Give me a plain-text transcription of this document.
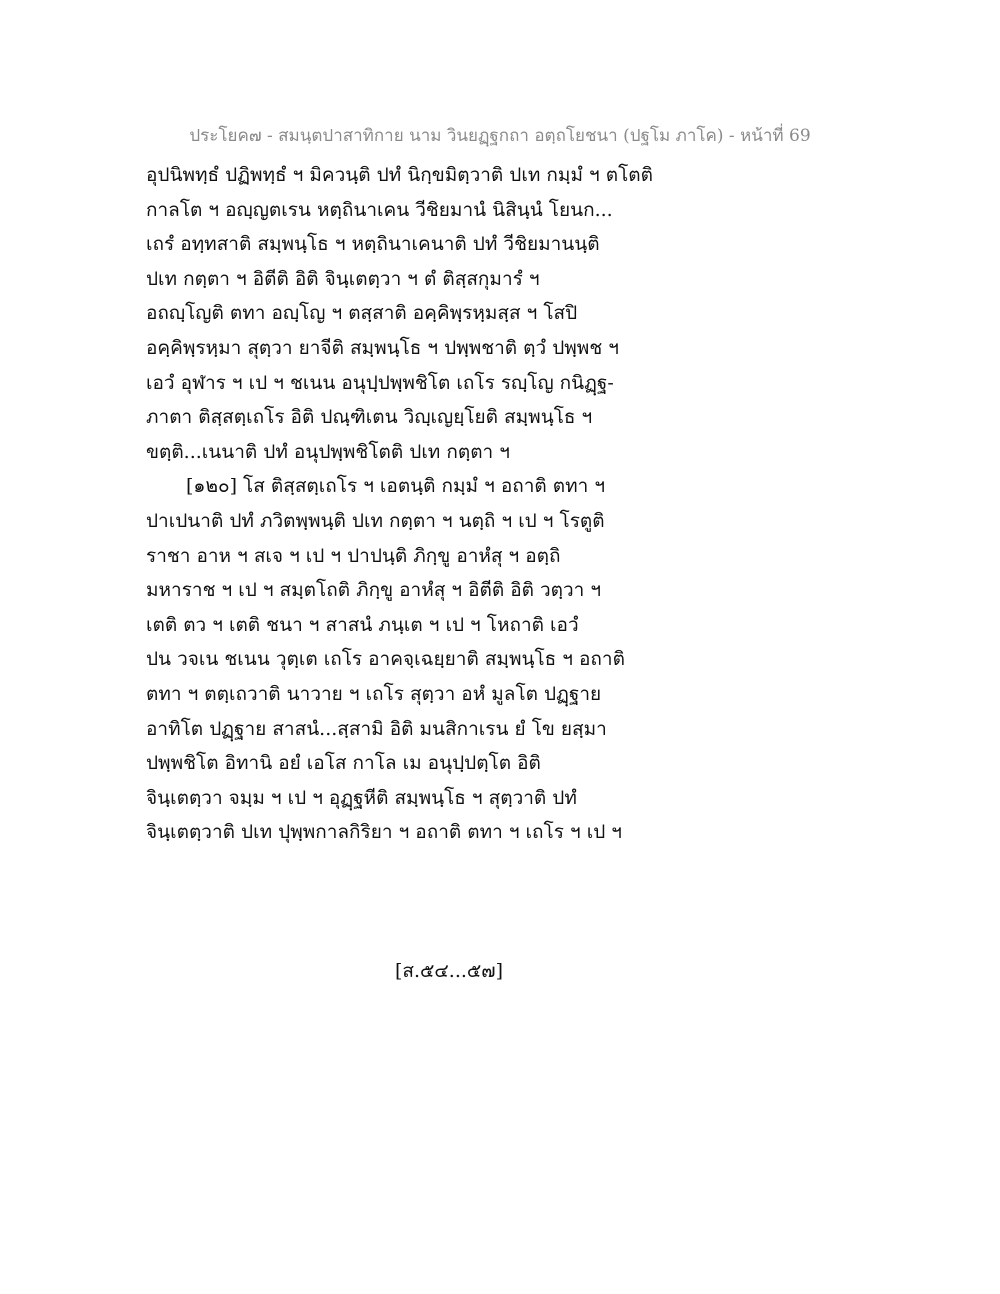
ประโยค๗ - สมนฺตปาสาทิกาย นาม วินยฏฺฐกถา อตฺถโยชนา (ปฐโม ภาโค) - หน้าที่ 69
อุปนิพทฺธํ ปฏิพทฺธํ ฯ มิควนฺติ ปทํ นิกฺขมิตฺวาติ ปเท กมฺมํ ฯ ตโตติ
กาลโต ฯ อญฺญตเรน หตฺถินาเคน วีชิยมานํ นิสินฺนํ โยนก...
เถรํ อทฺทสาติ สมฺพนฺโธ ฯ หตฺถินาเคนาติ ปทํ วีชิยมานนฺติ
ปเท กตฺตา ฯ อิตีติ อิติ จินฺเตตฺวา ฯ ตํ ติสฺสกุมารํ ฯ
อถญฺโญติ ตทา อญฺโญ ฯ ตสฺสาติ อคฺคิพฺรหฺมสฺส ฯ โสปิ
อคฺคิพฺรหฺมา สุตฺวา ยาจีติ สมฺพนฺโธ ฯ ปพฺพชาติ ตฺวํ ปพฺพช ฯ
เอวํ อุฬาร ฯ เป ฯ ชเนน อนุปฺปพฺพชิโต เถโร รญฺโญ กนิฏฺฐ-
ภาตา ติสฺสตฺเถโร อิติ ปณฺฑิเตน วิญฺเญยฺโยติ สมฺพนฺโธ ฯ
ขตฺติ...เนนาติ ปทํ อนุปพฺพชิโตติ ปเท กตฺตา ฯ
[๑๒๐] โส ติสฺสตฺเถโร ฯ เอตนฺติ กมฺมํ ฯ อถาติ ตทา ฯ
ปาเปนาติ ปทํ ภวิตพฺพนฺติ ปเท กตฺตา ฯ นตฺถิ ฯ เป ฯ โรตูติ
ราชา อาห ฯ สเจ ฯ เป ฯ ปาปนฺติ ภิกฺขู อาหํสุ ฯ อตฺถิ
มหาราช ฯ เป ฯ สมฺตโถติ ภิกฺขู อาหํสุ ฯ อิตีติ อิติ วตฺวา ฯ
เตติ ตว ฯ เตติ ชนา ฯ สาสนํ ภนฺเต ฯ เป ฯ โหถาติ เอวํ
ปน วจเน ชเนน วุตฺเต เถโร อาคจฺเฉยฺยาติ สมฺพนฺโธ ฯ อถาติ
ตทา ฯ ตตฺเถวาติ นาวาย ฯ เถโร สุตฺวา อหํ มูลโต ปฏฺฐาย
อาทิโต ปฏฺฐาย สาสนํ...สฺสามิ อิติ มนสิกาเรน ยํ โข ยสฺมา
ปพฺพชิโต อิทานิ อยํ เอโส กาโล เม อนุปฺปตฺโต อิติ
จินฺเตตฺวา จมฺม ฯ เป ฯ อุฏฺฐหีติ สมฺพนฺโธ ฯ สุตฺวาติ ปทํ
จินฺเตตฺวาติ ปเท ปุพฺพกาลกิริยา ฯ อถาติ ตทา ฯ เถโร ฯ เป ฯ
[ส.๕๔...๕๗]
